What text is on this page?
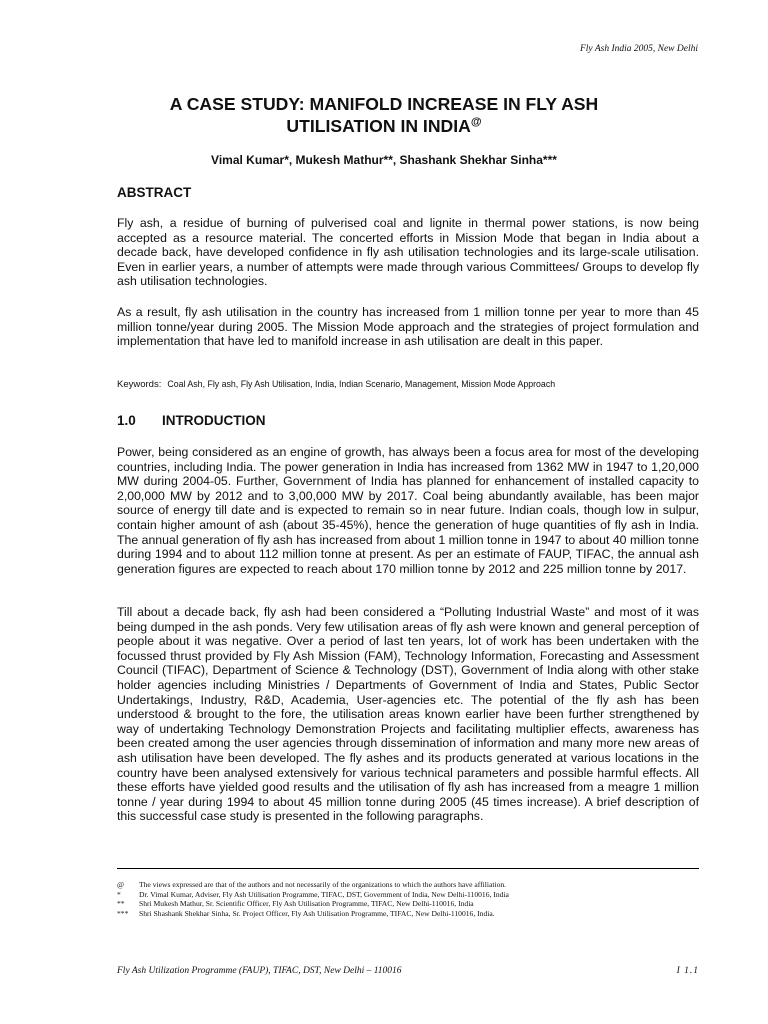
Fly Ash India 2005, New Delhi
A CASE STUDY: MANIFOLD INCREASE IN FLY ASH
UTILISATION IN INDIA@
Vimal Kumar*, Mukesh Mathur**, Shashank Shekhar Sinha***
ABSTRACT

Fly ash, a residue of burning of pulverised coal and lignite in thermal power stations, is now being accepted as a resource material. The concerted efforts in Mission Mode that began in India about a decade back, have developed confidence in fly ash utilisation technologies and its large-scale utilisation. Even in earlier years, a number of attempts were made through various Committees/ Groups to develop fly ash utilisation technologies.

As a result, fly ash utilisation in the country has increased from 1 million tonne per year to more than 45 million tonne/year during 2005. The Mission Mode approach and the strategies of project formulation and implementation that have led to manifold increase in ash utilisation are dealt in this paper.

Keywords: Coal Ash, Fly ash, Fly Ash Utilisation, India, Indian Scenario, Management, Mission Mode Approach
1.0 INTRODUCTION

Power, being considered as an engine of growth, has always been a focus area for most of the developing countries, including India. The power generation in India has increased from 1362 MW in 1947 to 1,20,000 MW during 2004-05. Further, Government of India has planned for enhancement of installed capacity to 2,00,000 MW by 2012 and to 3,00,000 MW by 2017. Coal being abundantly available, has been major source of energy till date and is expected to remain so in near future. Indian coals, though low in sulpur, contain higher amount of ash (about 35-45%), hence the generation of huge quantities of fly ash in India. The annual generation of fly ash has increased from about 1 million tonne in 1947 to about 40 million tonne during 1994 and to about 112 million tonne at present. As per an estimate of FAUP, TIFAC, the annual ash generation figures are expected to reach about 170 million tonne by 2012 and 225 million tonne by 2017.

Till about a decade back, fly ash had been considered a “Polluting Industrial Waste” and most of it was being dumped in the ash ponds. Very few utilisation areas of fly ash were known and general perception of people about it was negative. Over a period of last ten years, lot of work has been undertaken with the focussed thrust provided by Fly Ash Mission (FAM), Technology Information, Forecasting and Assessment Council (TIFAC), Department of Science & Technology (DST), Government of India along with other stake holder agencies including Ministries / Departments of Government of India and States, Public Sector Undertakings, Industry, R&D, Academia, User-agencies etc. The potential of the fly ash has been understood & brought to the fore, the utilisation areas known earlier have been further strengthened by way of undertaking Technology Demonstration Projects and facilitating multiplier effects, awareness has been created among the user agencies through dissemination of information and many more new areas of ash utilisation have been developed. The fly ashes and its products generated at various locations in the country have been analysed extensively for various technical parameters and possible harmful effects. All these efforts have yielded good results and the utilisation of fly ash has increased from a meagre 1 million tonne / year during 1994 to about 45 million tonne during 2005 (45 times increase). A brief description of this successful case study is presented in the following paragraphs.

@	The views expressed are that of the authors and not necessarily of the organizations to which the authors have affiliation.
*	Dr. Vimal Kumar, Adviser, Fly Ash Utilisation Programme, TIFAC, DST, Government of India, New Delhi-110016, India
**	Shri Mukesh Mathur, Sr. Scientific Officer, Fly Ash Utilisation Programme, TIFAC, New Delhi-110016, India
***	Shri Shashank Shekhar Sinha, Sr. Project Officer, Fly Ash Utilisation Programme, TIFAC, New Delhi-110016, India.
Fly Ash Utilization Programme (FAUP), TIFAC, DST, New Delhi – 110016	I 1.1
